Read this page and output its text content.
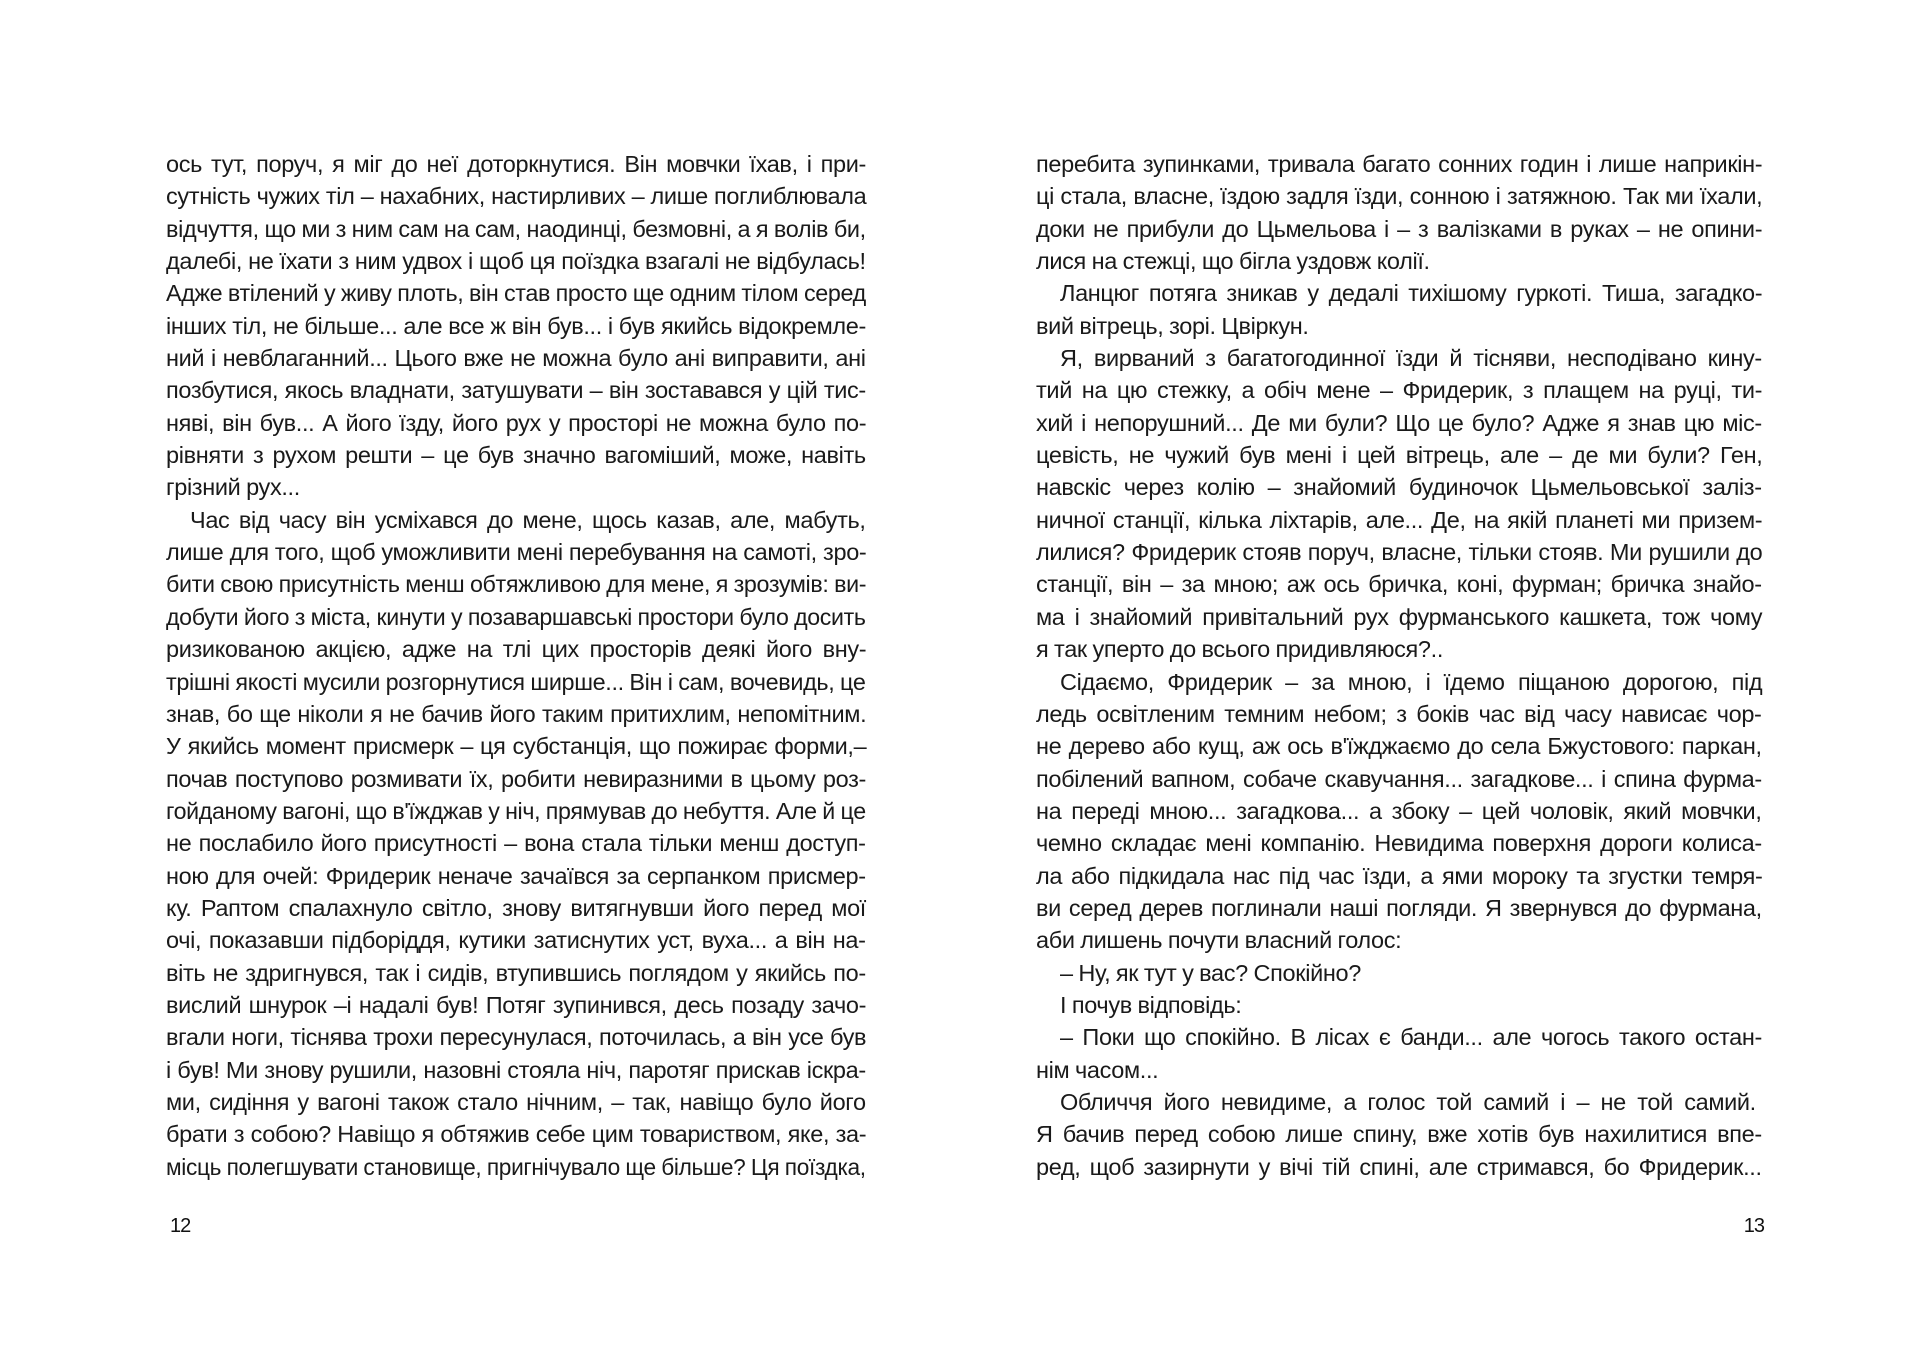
ось тут, поруч, я міг до неї доторкнутися. Він мовчки їхав, і при-
сутність чужих тіл – нахабних, настирливих – лише поглиблювала
відчуття, що ми з ним сам на сам, наодинці, безмовні, а я волів би,
далебі, не їхати з ним удвох і щоб ця поїздка взагалі не відбулась!
Адже втілений у живу плоть, він став просто ще одним тілом серед
інших тіл, не більше... але все ж він був... і був якийсь відокремле-
ний і невблаганний... Цього вже не можна було ані виправити, ані
позбутися, якось владнати, затушувати – він зоставався у цій тис-
няві, він був... А його їзду, його рух у просторі не можна було по-
рівняти з рухом решти – це був значно вагоміший, може, навіть
грізний рух...
Час від часу він усміхався до мене, щось казав, але, мабуть,
лише для того, щоб уможливити мені перебування на самоті, зро-
бити свою присутність менш обтяжливою для мене, я зрозумів: ви-
добути його з міста, кинути у позаваршавські простори було досить
ризикованою акцією, адже на тлі цих просторів деякі його вну-
трішні якості мусили розгорнутися ширше... Він і сам, вочевидь, це
знав, бо ще ніколи я не бачив його таким притихлим, непомітним.
У якийсь момент присмерк – ця субстанція, що пожирає форми,–
почав поступово розмивати їх, робити невиразними в цьому роз-
гойданому вагоні, що в'їжджав у ніч, прямував до небуття. Але й це
не послабило його присутності – вона стала тільки менш доступ-
ною для очей: Фридерик неначе зачаївся за серпанком присмер-
ку. Раптом спалахнуло світло, знову витягнувши його перед мої
очі, показавши підборіддя, кутики затиснутих уст, вуха... а він на-
віть не здригнувся, так і сидів, втупившись поглядом у якийсь по-
вислий шнурок –і надалі був! Потяг зупинився, десь позаду зачо-
вгали ноги, тіснява трохи пересунулася, поточилась, а він усе був
і був! Ми знову рушили, назовні стояла ніч, паротяг прискав іскра-
ми, сидіння у вагоні також стало нічним, – так, навіщо було його
брати з собою? Навіщо я обтяжив себе цим товариством, яке, за-
місць полегшувати становище, пригнічувало ще більше? Ця поїздка,
12
перебита зупинками, тривала багато сонних годин і лише наприкін-
ці стала, власне, їздою задля їзди, сонною і затяжною. Так ми їхали,
доки не прибули до Цьмельова і – з валізками в руках – не опини-
лися на стежці, що бігла уздовж колії.
Ланцюг потяга зникав у дедалі тихішому гуркоті. Тиша, загадко-
вий вітрець, зорі. Цвіркун.
Я, вирваний з багатогодинної їзди й тісняви, несподівано кину-
тий на цю стежку, а обіч мене – Фридерик, з плащем на руці, ти-
хий і непорушний... Де ми були? Що це було? Адже я знав цю міс-
цевість, не чужий був мені і цей вітрець, але – де ми були? Ген,
навскіс через колію – знайомий будиночок Цьмельовської заліз-
ничної станції, кілька ліхтарів, але... Де, на якій планеті ми призем-
лилися? Фридерик стояв поруч, власне, тільки стояв. Ми рушили до
станції, він – за мною; аж ось бричка, коні, фурман; бричка знайо-
ма і знайомий привітальний рух фурманського кашкета, тож чому
я так уперто до всього придивляюся?..
Сідаємо, Фридерик – за мною, і їдемо піщаною дорогою, під
ледь освітленим темним небом; з боків час від часу нависає чор-
не дерево або кущ, аж ось в'їжджаємо до села Бжустового: паркан,
побілений вапном, собаче скавучання... загадкове... і спина фурма-
на переді мною... загадкова... а збоку – цей чоловік, який мовчки,
чемно складає мені компанію. Невидима поверхня дороги колиса-
ла або підкидала нас під час їзди, а ями мороку та згустки темря-
ви серед дерев поглинали наші погляди. Я звернувся до фурмана,
аби лишень почути власний голос:
– Ну, як тут у вас? Спокійно?
І почув відповідь:
– Поки що спокійно. В лісах є банди... але чогось такого остан-
нім часом...
Обличчя його невидиме, а голос той самий і – не той самий.
Я бачив перед собою лише спину, вже хотів був нахилитися впе-
ред, щоб зазирнути у вічі тій спині, але стримався, бо Фридерик...
13
